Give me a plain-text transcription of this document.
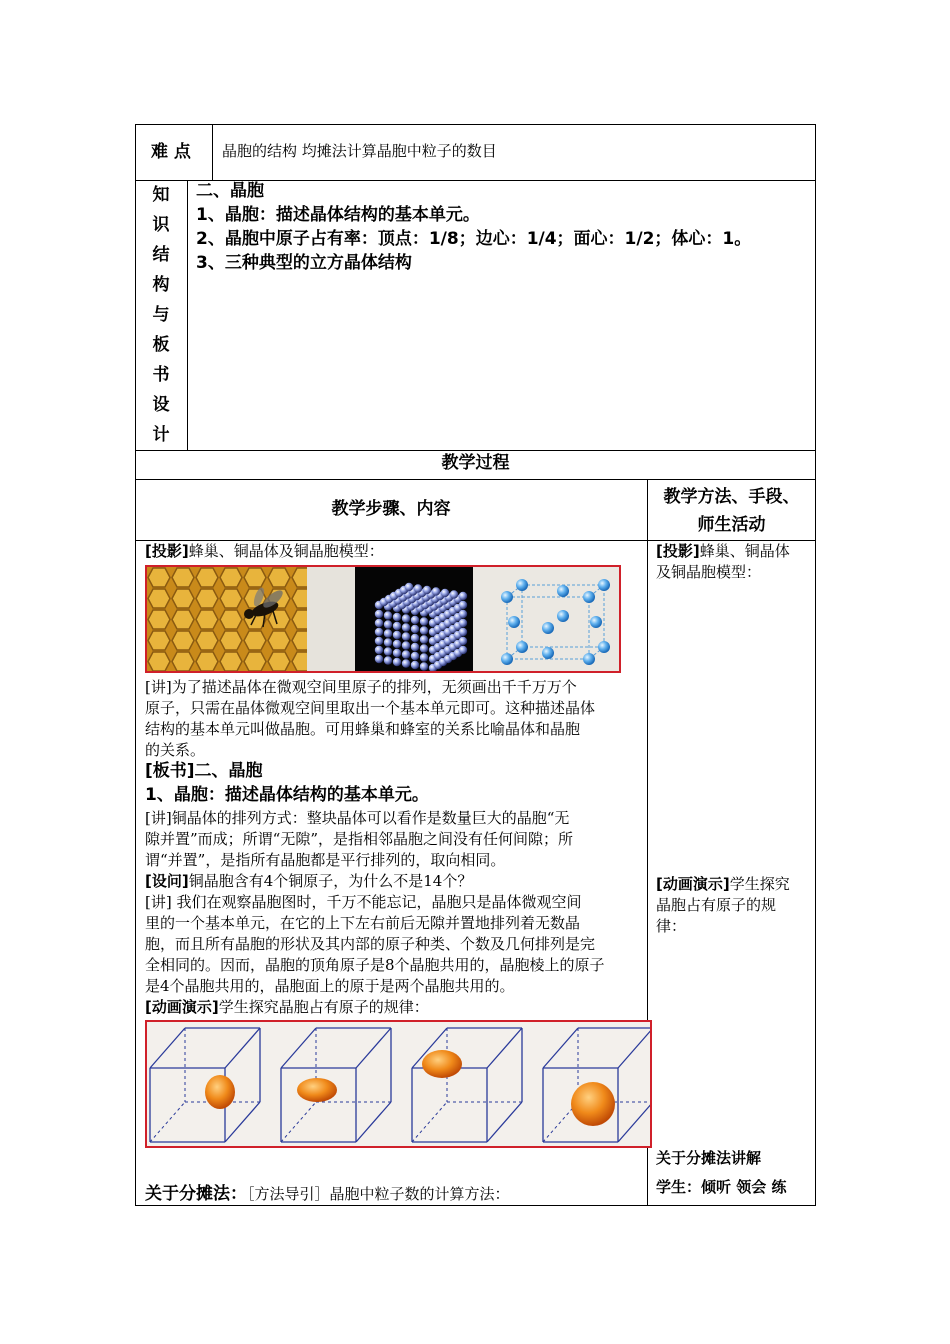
难 点	晶胞的结构 均摊法计算晶胞中粒子的数目
知
识
结
构
与
板
书
设
计
二、晶胞
1、晶胞：描述晶体结构的基本单元。
2、晶胞中原子占有率：顶点：1/8；边心：1/4；面心：1/2；体心：1。
3、三种典型的立方晶体结构
教学过程
教学步骤、内容
教学方法、手段、
师生活动
[投影]蜂巢、铜晶体及铜晶胞模型：
[讲]为了描述晶体在微观空间里原子的排列，无须画出千千万万个
原子，只需在晶体微观空间里取出一个基本单元即可。这种描述晶体
结构的基本单元叫做晶胞。可用蜂巢和蜂室的关系比喻晶体和晶胞
的关系。
[板书]二、晶胞
1、晶胞：描述晶体结构的基本单元。
[讲]铜晶体的排列方式：整块晶体可以看作是数量巨大的晶胞“无
隙并置”而成；所谓“无隙”，是指相邻晶胞之间没有任何间隙；所
谓“并置”，是指所有晶胞都是平行排列的，取向相同。
[设问]铜晶胞含有4个铜原子，为什么不是14个？
[讲] 我们在观察晶胞图时，千万不能忘记，晶胞只是晶体微观空间
里的一个基本单元，在它的上下左右前后无隙并置地排列着无数晶
胞，而且所有晶胞的形状及其内部的原子种类、个数及几何排列是完
全相同的。因而，晶胞的顶角原子是8个晶胞共用的，晶胞棱上的原子
是4个晶胞共用的，晶胞面上的原于是两个晶胞共用的。
[动画演示]学生探究晶胞占有原子的规律：
关于分摊法：［方法导引］晶胞中粒子数的计算方法：
[投影]蜂巢、铜晶体
及铜晶胞模型：
[动画演示]学生探究
晶胞占有原子的规
律：
关于分摊法讲解
学生：倾听 领会 练
